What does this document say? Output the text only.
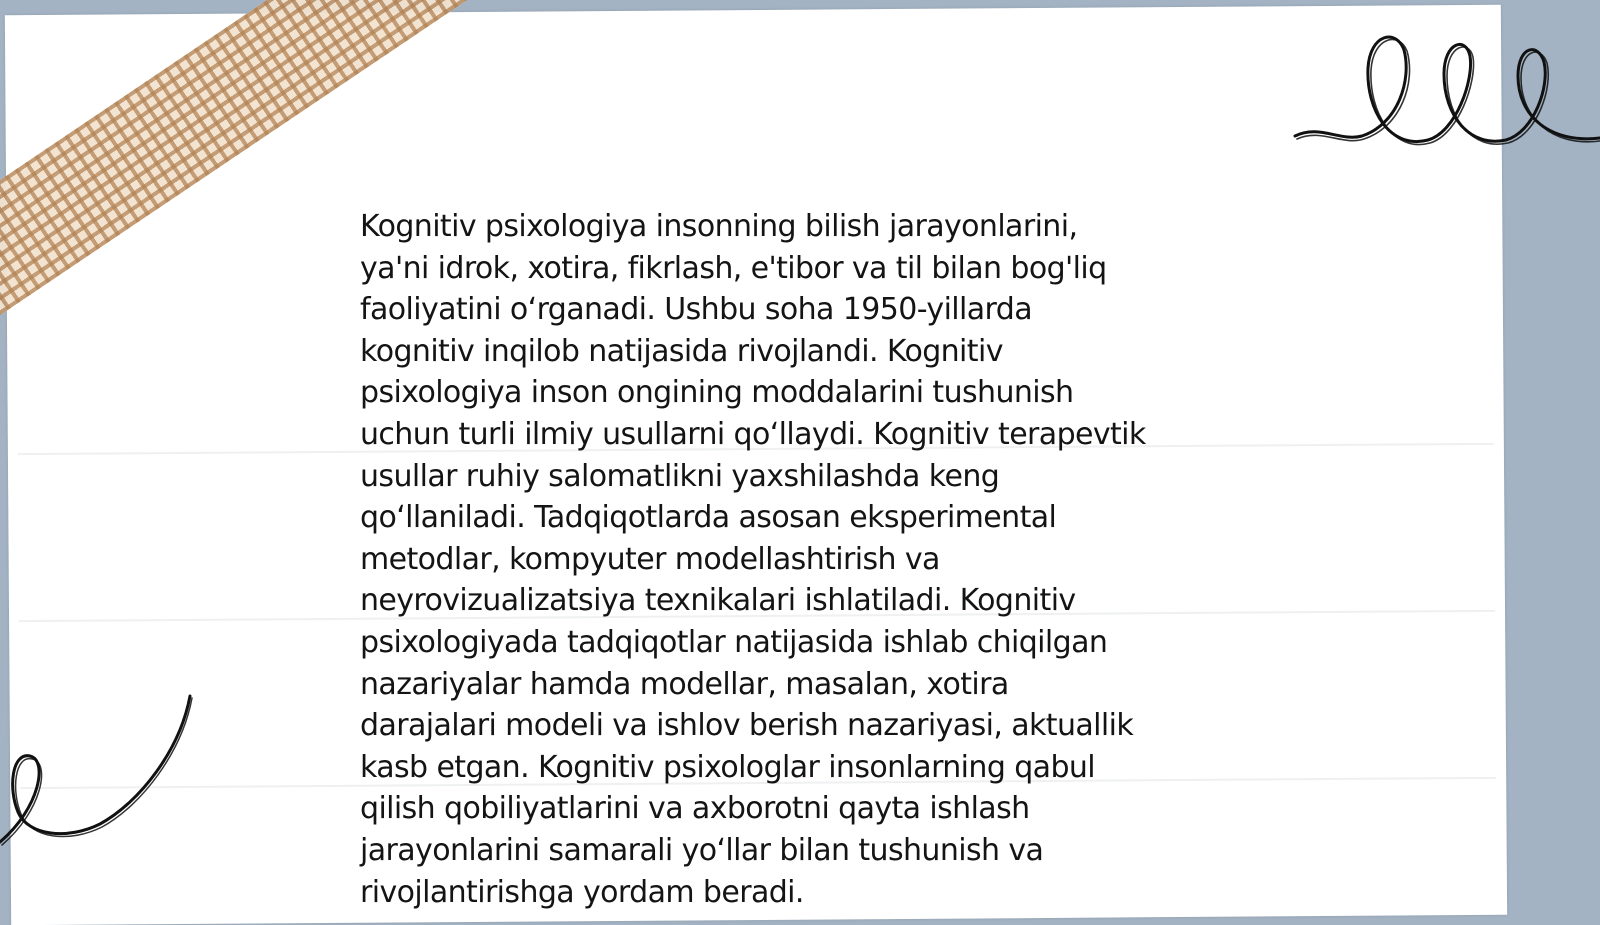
Kognitiv psixologiya insonning bilish jarayonlarini,
ya'ni idrok, xotira, fikrlash, e'tibor va til bilan bog'liq
faoliyatini o‘rganadi. Ushbu soha 1950-yillarda
kognitiv inqilob natijasida rivojlandi. Kognitiv
psixologiya inson ongining moddalarini tushunish
uchun turli ilmiy usullarni qo‘llaydi. Kognitiv terapevtik
usullar ruhiy salomatlikni yaxshilashda keng
qo‘llaniladi. Tadqiqotlarda asosan eksperimental
metodlar, kompyuter modellashtirish va
neyrovizualizatsiya texnikalari ishlatiladi. Kognitiv
psixologiyada tadqiqotlar natijasida ishlab chiqilgan
nazariyalar hamda modellar, masalan, xotira
darajalari modeli va ishlov berish nazariyasi, aktuallik
kasb etgan. Kognitiv psixologlar insonlarning qabul
qilish qobiliyatlarini va axborotni qayta ishlash
jarayonlarini samarali yo‘llar bilan tushunish va
rivojlantirishga yordam beradi.
